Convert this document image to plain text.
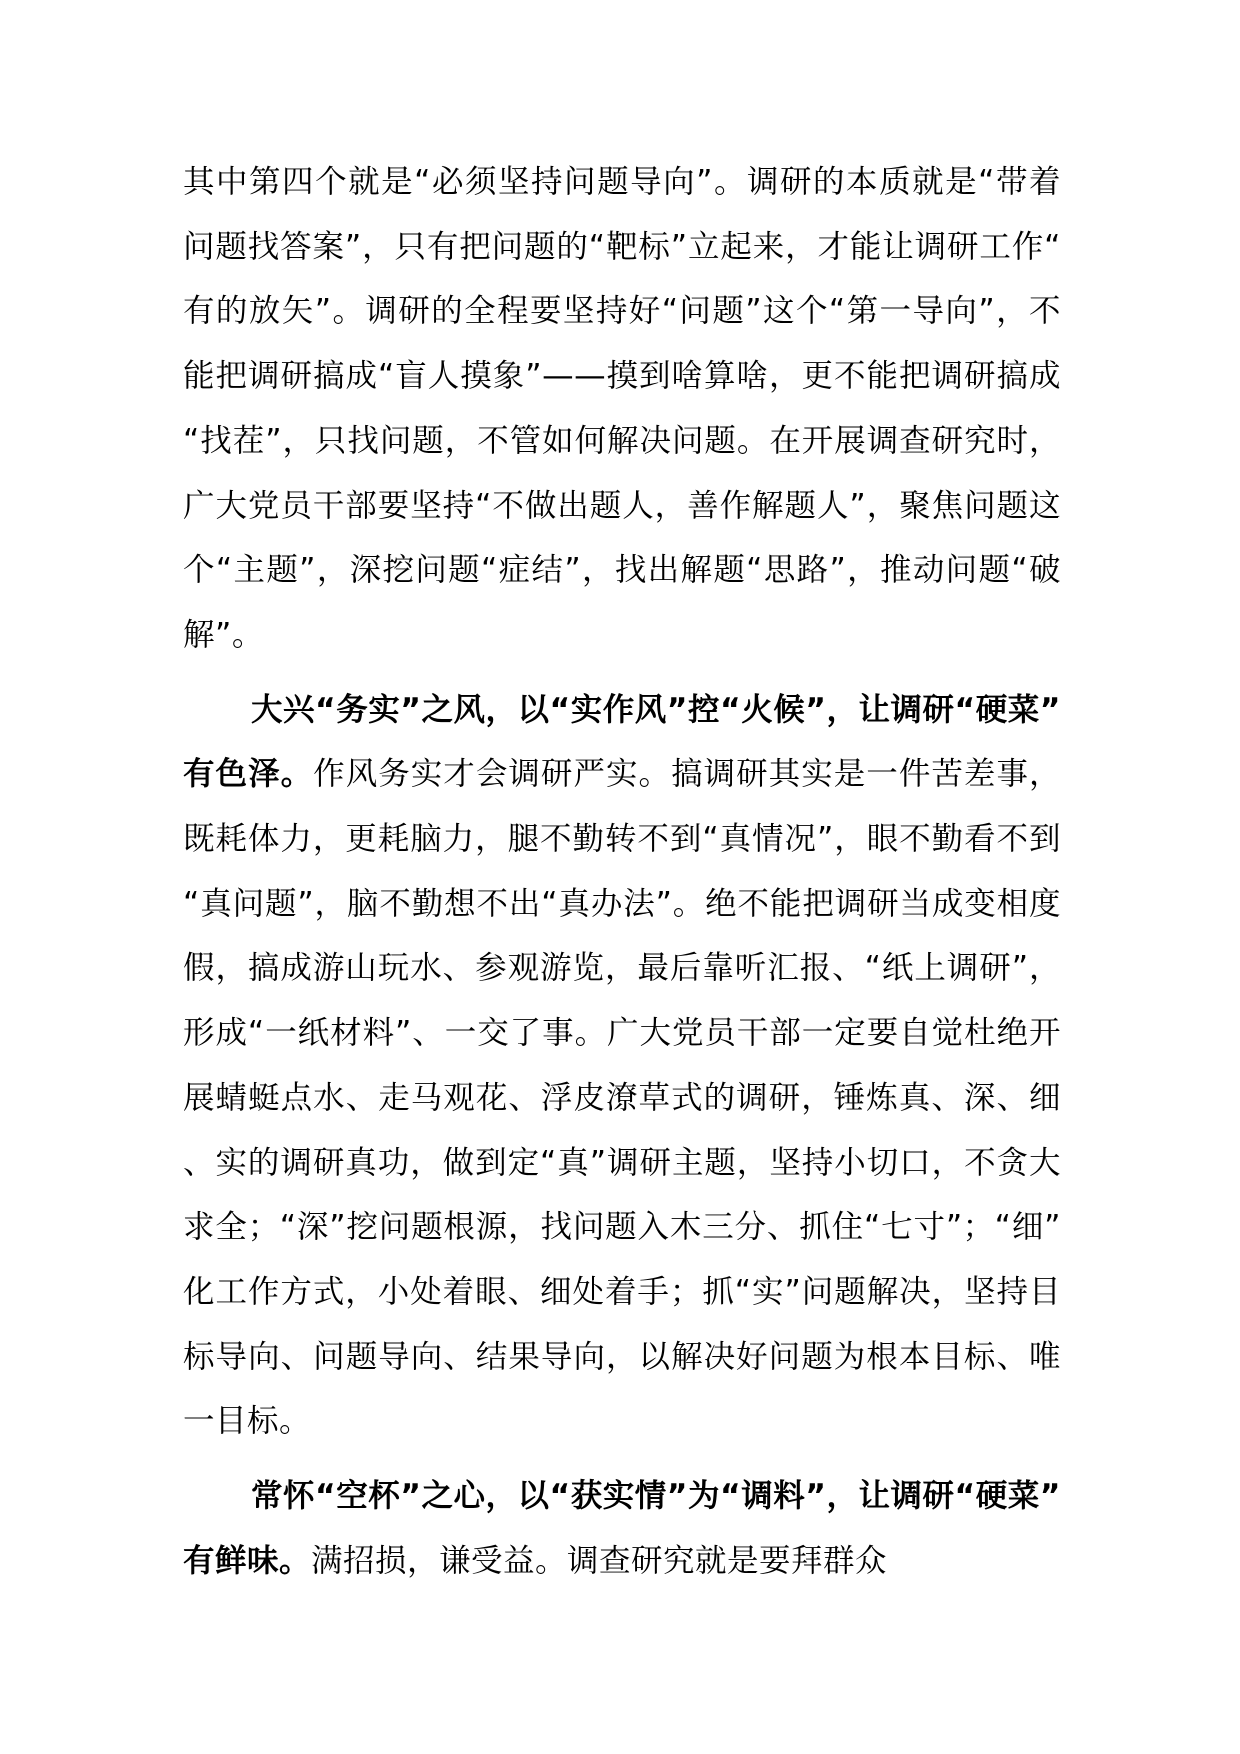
其中第四个就是“必须坚持问题导向”。调研的本质就是“带着问题找答案”，只有把问题的“靶标”立起来，才能让调研工作“有的放矢”。调研的全程要坚持好“问题”这个“第一导向”，不能把调研搞成“盲人摸象”——摸到啥算啥，更不能把调研搞成“找茬”，只找问题，不管如何解决问题。在开展调查研究时，广大党员干部要坚持“不做出题人，善作解题人”，聚焦问题这个“主题”，深挖问题“症结”，找出解题“思路”，推动问题“破解”。

大兴“务实”之风，以“实作风”控“火候”，让调研“硬菜”有色泽。作风务实才会调研严实。搞调研其实是一件苦差事，既耗体力，更耗脑力，腿不勤转不到“真情况”，眼不勤看不到“真问题”，脑不勤想不出“真办法”。绝不能把调研当成变相度假，搞成游山玩水、参观游览，最后靠听汇报、“纸上调研”，形成“一纸材料”、一交了事。广大党员干部一定要自觉杜绝开展蜻蜓点水、走马观花、浮皮潦草式的调研，锤炼真、深、细、实的调研真功，做到定“真”调研主题，坚持小切口，不贪大求全；“深”挖问题根源，找问题入木三分、抓住“七寸”；“细”化工作方式，小处着眼、细处着手；抓“实”问题解决，坚持目标导向、问题导向、结果导向，以解决好问题为根本目标、唯一目标。

常怀“空杯”之心，以“获实情”为“调料”，让调研“硬菜”有鲜味。满招损，谦受益。调查研究就是要拜群众
